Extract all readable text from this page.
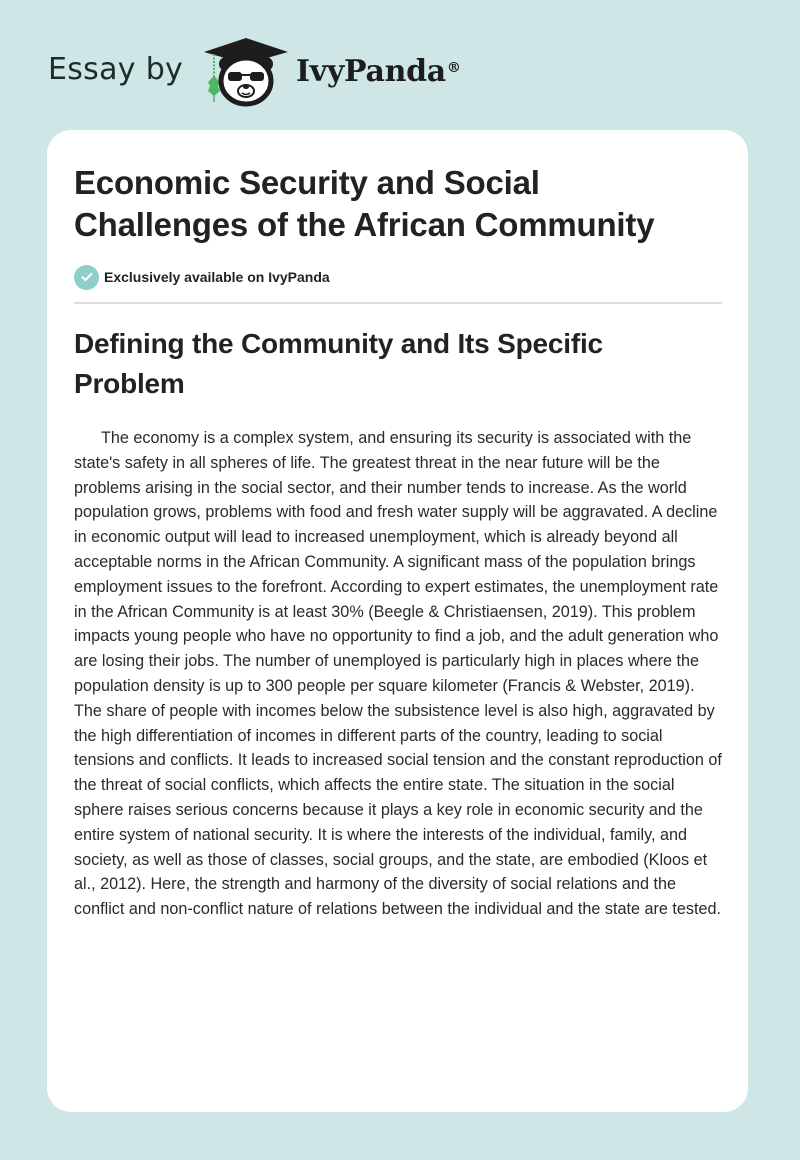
Essay by	IvyPanda®
Economic Security and Social Challenges of the African Community
Exclusively available on IvyPanda
Defining the Community and Its Specific Problem

The economy is a complex system, and ensuring its security is associated with the state's safety in all spheres of life. The greatest threat in the near future will be the problems arising in the social sector, and their number tends to increase. As the world population grows, problems with food and fresh water supply will be aggravated. A decline in economic output will lead to increased unemployment, which is already beyond all acceptable norms in the African Community. A significant mass of the population brings employment issues to the forefront. According to expert estimates, the unemployment rate in the African Community is at least 30% (Beegle & Christiaensen, 2019). This problem impacts young people who have no opportunity to find a job, and the adult generation who are losing their jobs. The number of unemployed is particularly high in places where the population density is up to 300 people per square kilometer (Francis & Webster, 2019). The share of people with incomes below the subsistence level is also high, aggravated by the high differentiation of incomes in different parts of the country, leading to social tensions and conflicts. It leads to increased social tension and the constant reproduction of the threat of social conflicts, which affects the entire state. The situation in the social sphere raises serious concerns because it plays a key role in economic security and the entire system of national security. It is where the interests of the individual, family, and society, as well as those of classes, social groups, and the state, are embodied (Kloos et al., 2012). Here, the strength and harmony of the diversity of social relations and the conflict and non-conflict nature of relations between the individual and the state are tested.
